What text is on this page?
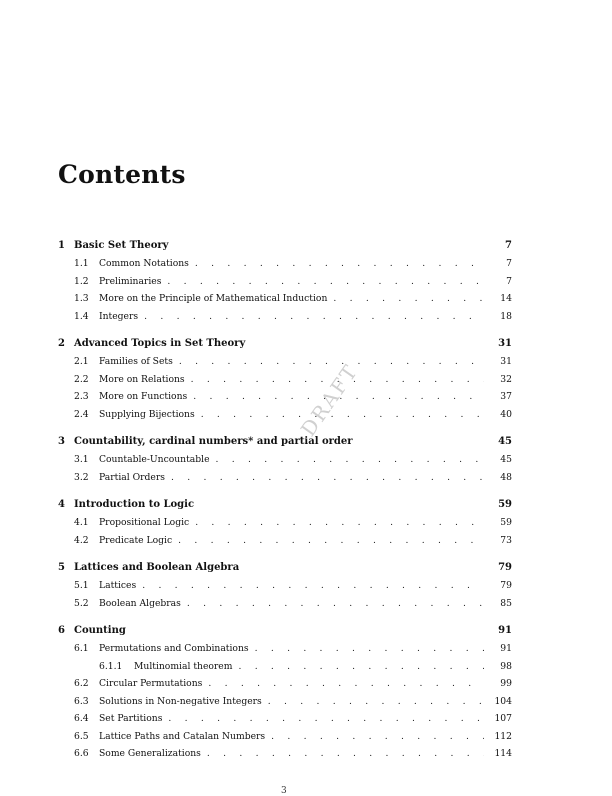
Contents
1 Basic Set Theory	7
1.1	Common Notations . . .	7
1.2	Preliminaries . . .	7
1.3	More on the Principle of Mathematical Induction . . .	14
1.4	Integers . . .	18
2 Advanced Topics in Set Theory	31
2.1	Families of Sets . . .	31
2.2	More on Relations . . .	32
2.3	More on Functions . . .	37
2.4	Supplying Bijections . . .	40
3 Countability, cardinal numbers* and partial order	45
3.1	Countable-Uncountable . . .	45
3.2	Partial Orders . . .	48
4 Introduction to Logic	59
4.1	Propositional Logic . . .	59
4.2	Predicate Logic . . .	73
5 Lattices and Boolean Algebra	79
5.1	Lattices . . .	79
5.2	Boolean Algebras . . .	85
6 Counting	91
6.1	Permutations and Combinations . . .	91
6.1.1	Multinomial theorem . . .	98
6.2	Circular Permutations . . .	99
6.3	Solutions in Non-negative Integers . . .	104
6.4	Set Partitions . . .	107
6.5	Lattice Paths and Catalan Numbers . . .	112
6.6	Some Generalizations . . .	114
DRAFT
3
